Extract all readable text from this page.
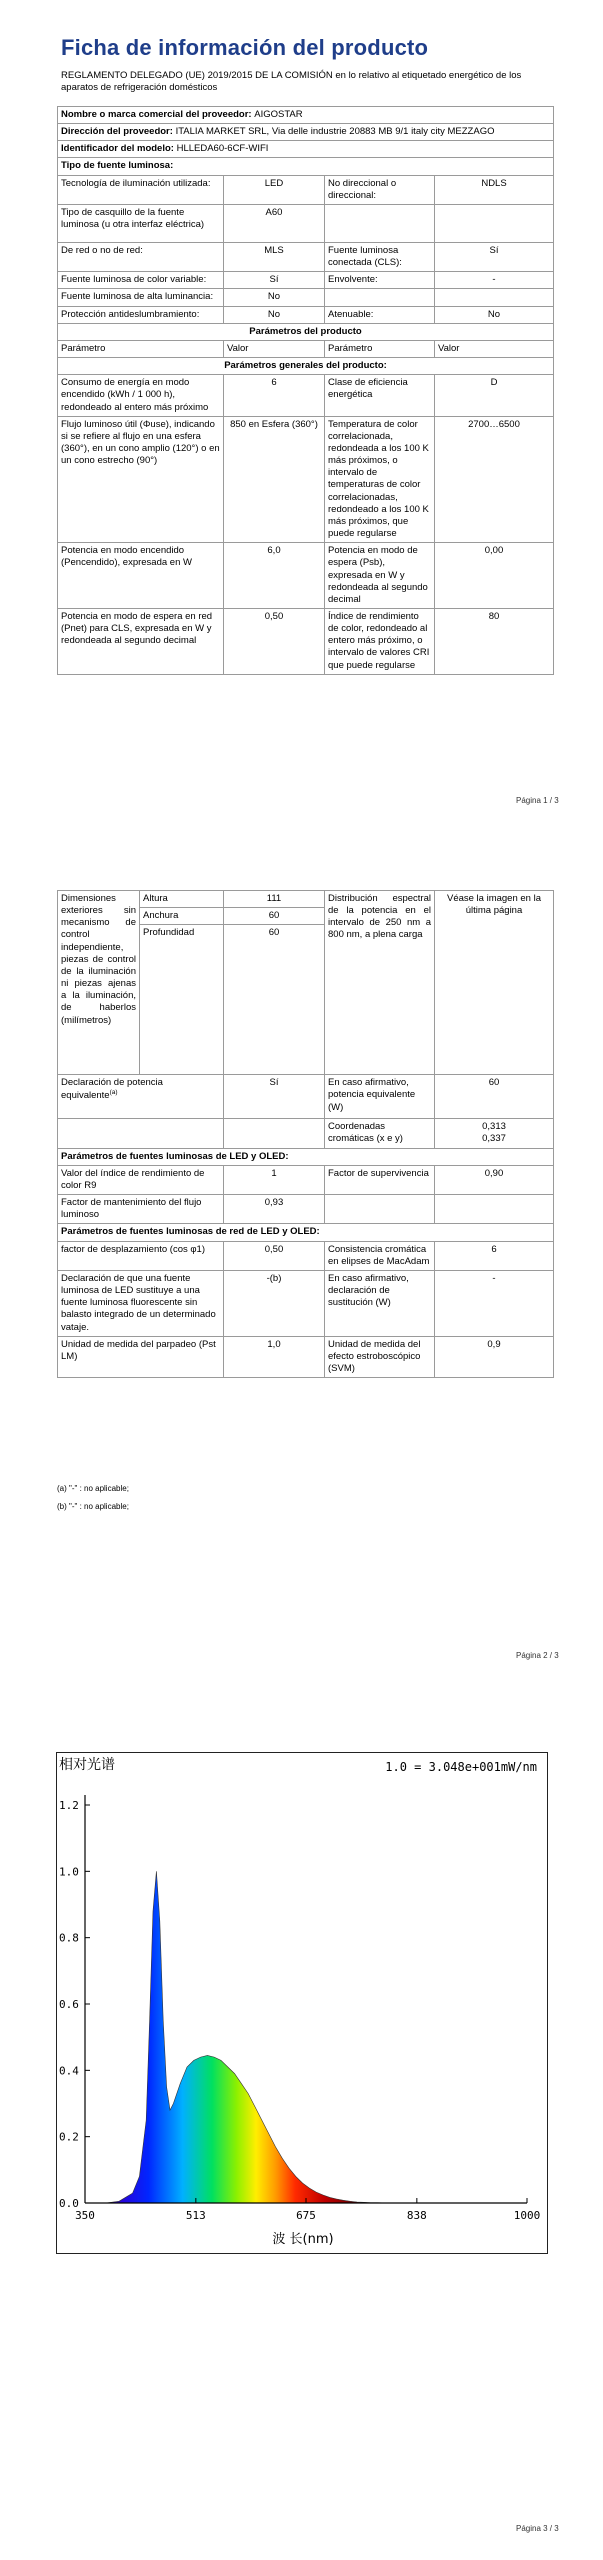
Ficha de información del producto
REGLAMENTO DELEGADO (UE) 2019/2015 DE LA COMISIÓN en lo relativo al etiquetado energético de los aparatos de refrigeración domésticos
Nombre o marca comercial del proveedor: AIGOSTAR			
Dirección del proveedor: ITALIA MARKET SRL, Via delle industrie 20883 MB 9/1 italy city MEZZAGO			
Identificador del modelo: HLLEDA60-6CF-WIFI			
Tipo de fuente luminosa:			
Tecnología de iluminación utilizada:	LED	No direccional o direccional:	NDLS
Tipo de casquillo de la fuente luminosa (u otra interfaz eléctrica)	A60		
De red o no de red:	MLS	Fuente luminosa conectada (CLS):	Sí
Fuente luminosa de color variable:	Sí	Envolvente:	-
Fuente luminosa de alta luminancia:	No		
Protección antideslumbramiento:	No	Atenuable:	No
Parámetros del producto			
Parámetro	Valor	Parámetro	Valor
Parámetros generales del producto:			
Consumo de energía en modo encendido (kWh / 1 000 h), redondeado al entero más próximo	6	Clase de eficiencia energética	D
Flujo luminoso útil (Φuse), indicando si se refiere al flujo en una esfera (360°), en un cono amplio (120°) o en un cono estrecho (90°)	850 en Esfera (360°)	Temperatura de color correlacionada, redondeada a los 100 K más próximos, o intervalo de temperaturas de color correlacionadas, redondeado a los 100 K más próximos, que puede regularse	2700…6500
Potencia en modo encendido (Pencendido), expresada en W	6,0	Potencia en modo de espera (Psb), expresada en W y redondeada al segundo decimal	0,00
Potencia en modo de espera en red (Pnet) para CLS, expresada en W y redondeada al segundo decimal	0,50	Índice de rendimiento de color, redondeado al entero más próximo, o intervalo de valores CRI que puede regularse	80
Página 1 / 3
Dimensiones exteriores sin mecanismo de control independiente, piezas de control de la iluminación ni piezas ajenas a la iluminación, de haberlos (milímetros)	Altura	111	Distribución espectral de la potencia en el intervalo de 250 nm a 800 nm, a plena carga	Véase la imagen en la última página
	Anchura	60		
	Profundidad	60		
Declaración de potencia equivalente$^{(a)}$		Sí	En caso afirmativo, potencia equivalente (W)	60
			Coordenadas cromáticas (x e y)	0,313
0,337
Parámetros de fuentes luminosas de LED y OLED:				
Valor del índice de rendimiento de color R9		1	Factor de supervivencia	0,90
Factor de mantenimiento del flujo luminoso		0,93		
Parámetros de fuentes luminosas de red de LED y OLED:				
factor de desplazamiento (cos φ1)		0,50	Consistencia cromática en elipses de MacAdam	6
Declaración de que una fuente luminosa de LED sustituye a una fuente luminosa fluorescente sin balasto integrado de un determinado vataje.		-(b)	En caso afirmativo, declaración de sustitución (W)	-
Unidad de medida del parpadeo (Pst LM)		1,0	Unidad de medida del efecto estroboscópico (SVM)	0,9
(a) "-" : no aplicable;
(b) "-" : no aplicable;
Página 2 / 3
相对光谱	1.0 = 3.048e+001mW/nm
0.0
0.2
0.4
0.6
0.8
1.0
1.2
350	513	675	838	1000
波 长(nm)
Página 3 / 3
